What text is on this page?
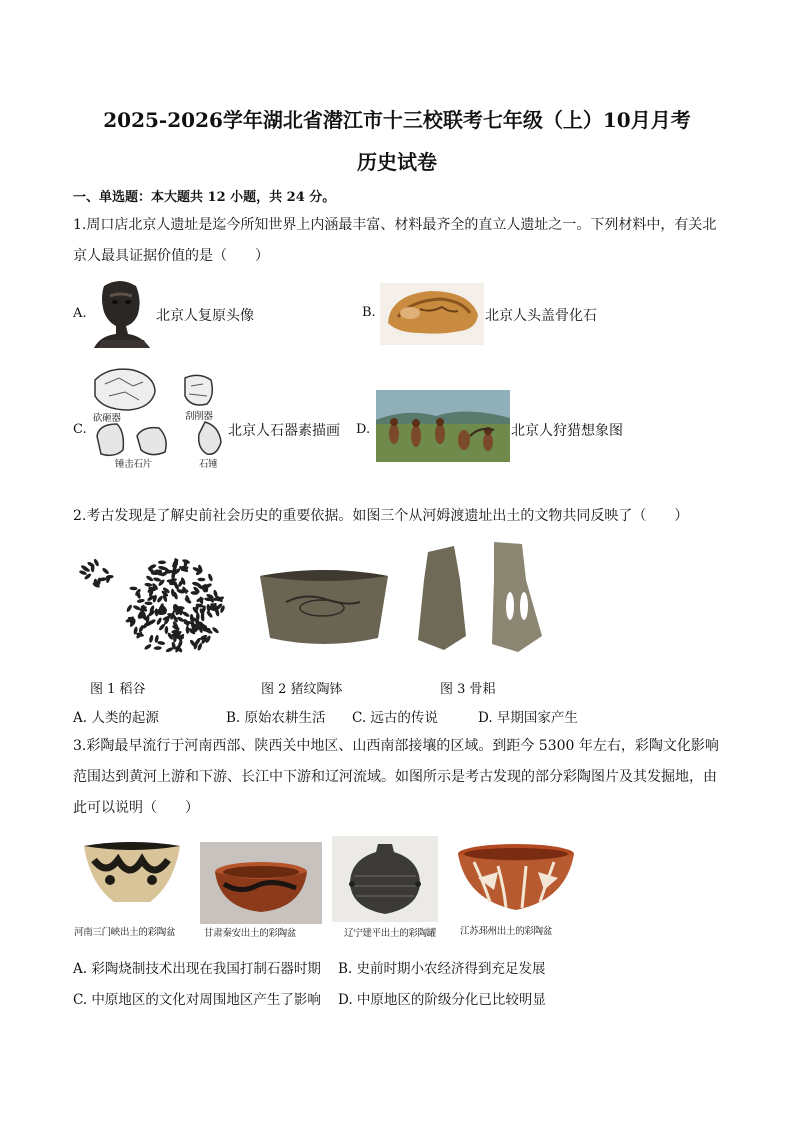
2025-2026学年湖北省潜江市十三校联考七年级（上）10月月考
历史试卷
一、单选题：本大题共 12 小题，共 24 分。
1.周口店北京人遗址是迄今所知世界上内涵最丰富、材料最齐全的直立人遗址之一。下列材料中，有关北
京人最具证据价值的是（　　）
A.	北京人复原头像	B.	北京人头盖骨化石
C.
砍砸器	刮削器
锤击石片	石锤
北京人石器素描画 D.	北京人狩猎想象图
2.考古发现是了解史前社会历史的重要依据。如图三个从河姆渡遗址出土的文物共同反映了（　　）
图 1 稻谷	图 2 猪纹陶钵	图 3 骨耜
A. 人类的起源	B. 原始农耕生活 C. 远古的传说	D. 早期国家产生
3.彩陶最早流行于河南西部、陕西关中地区、山西南部接壤的区域。到距今 5300 年左右，彩陶文化影响
范围达到黄河上游和下游、长江中下游和辽河流域。如图所示是考古发现的部分彩陶图片及其发掘地，由
此可以说明（　　）
河南三门峡出土的彩陶盆	甘肃秦安出土的彩陶盆	辽宁建平出土的彩陶罐	江苏邳州出土的彩陶盆
A. 彩陶烧制技术出现在我国打制石器时期 B. 史前时期小农经济得到充足发展
C. 中原地区的文化对周围地区产生了影响 D. 中原地区的阶级分化已比较明显
